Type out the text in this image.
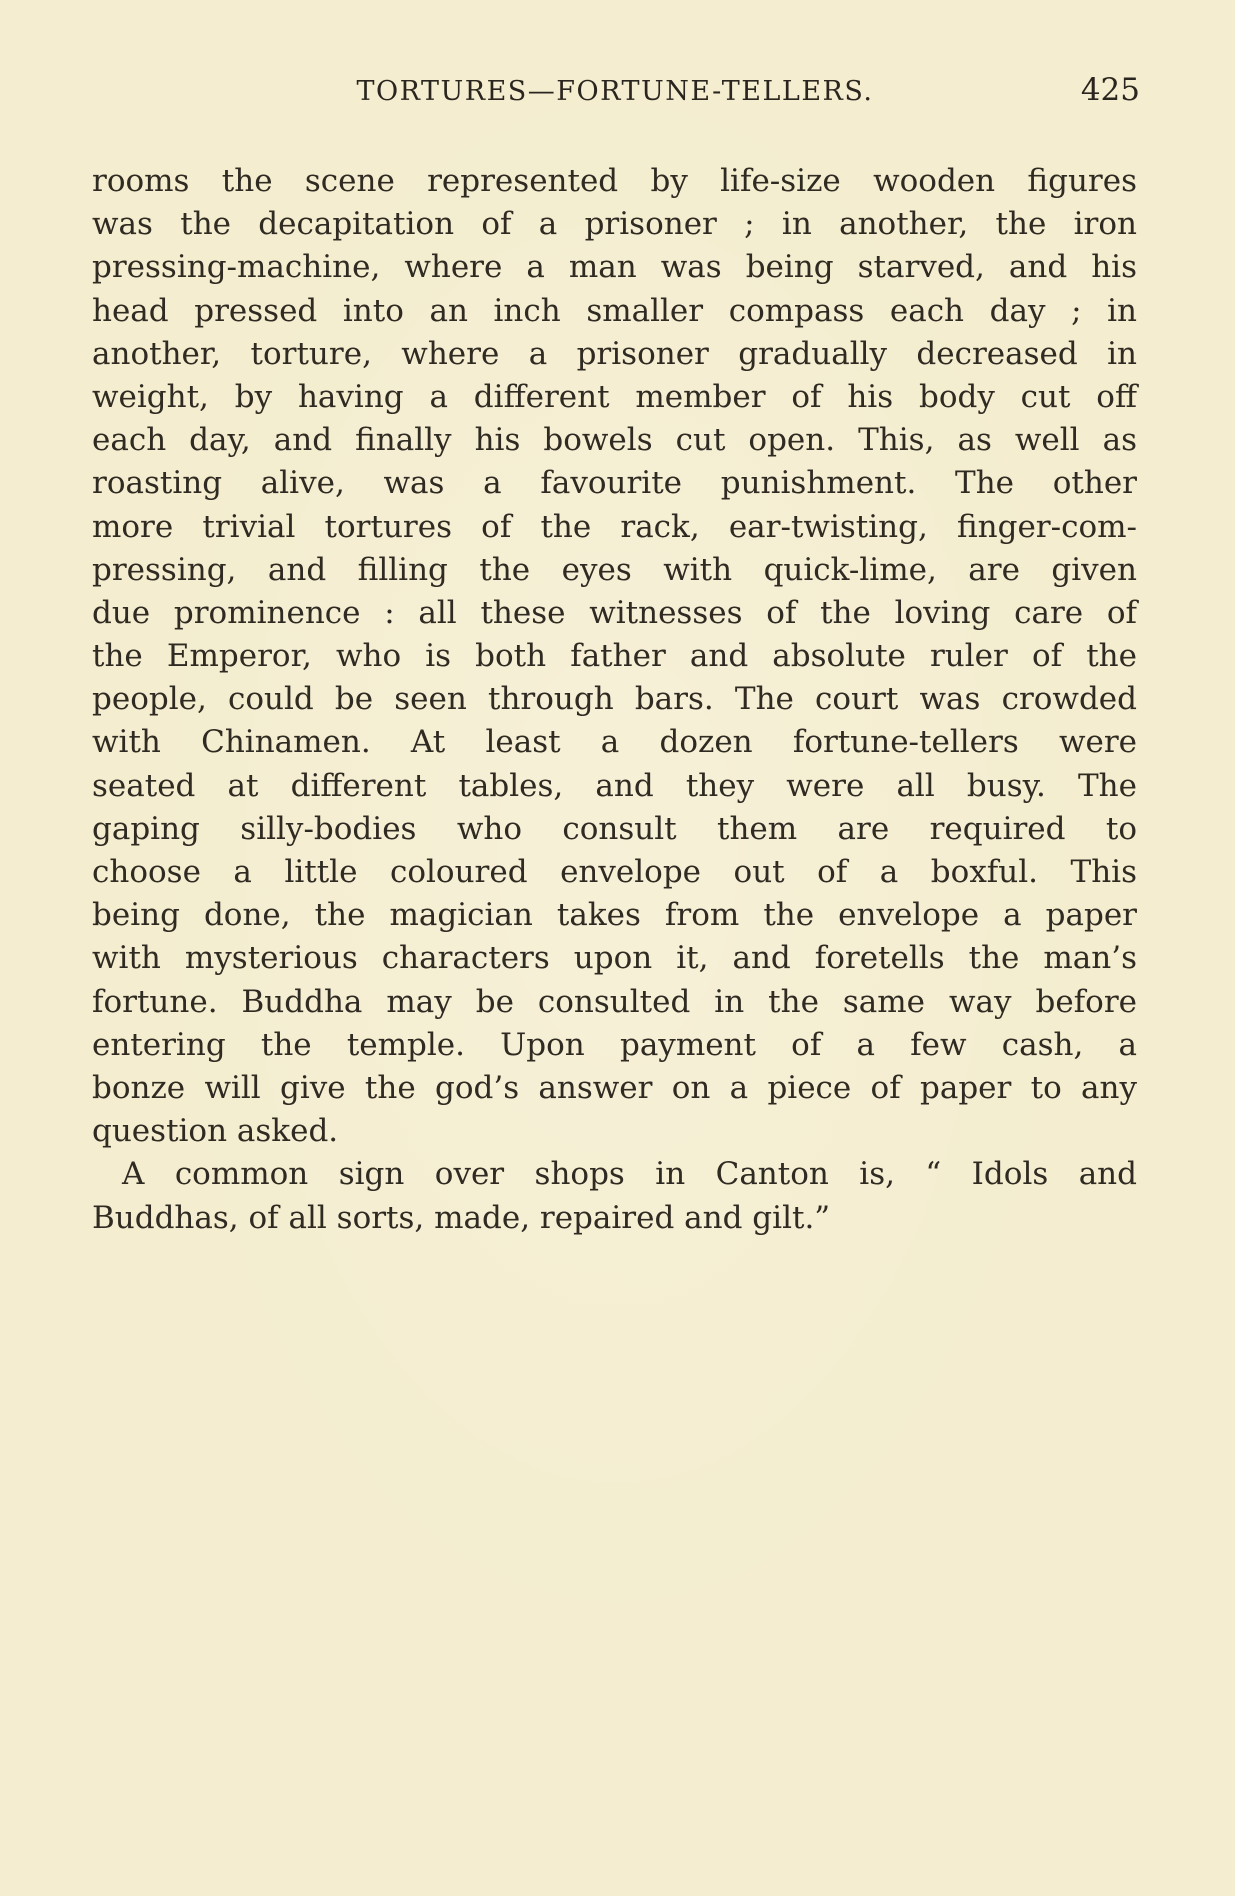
TORTURES—FORTUNE-TELLERS.	425
rooms the scene represented by life-size wooden figures
was the decapitation of a prisoner ; in another, the iron
pressing-machine, where a man was being starved, and his
head pressed into an inch smaller compass each day ; in
another, torture, where a prisoner gradually decreased in
weight, by having a different member of his body cut off
each day, and finally his bowels cut open. This, as well as
roasting alive, was a favourite punishment. The other
more trivial tortures of the rack, ear-twisting, finger-com-
pressing, and filling the eyes with quick-lime, are given
due prominence : all these witnesses of the loving care of
the Emperor, who is both father and absolute ruler of the
people, could be seen through bars. The court was crowded
with Chinamen. At least a dozen fortune-tellers were
seated at different tables, and they were all busy. The
gaping silly-bodies who consult them are required to
choose a little coloured envelope out of a boxful. This
being done, the magician takes from the envelope a paper
with mysterious characters upon it, and foretells the man’s
fortune. Buddha may be consulted in the same way before
entering the temple. Upon payment of a few cash, a
bonze will give the god’s answer on a piece of paper to any
question asked.
A common sign over shops in Canton is, “ Idols and
Buddhas, of all sorts, made, repaired and gilt.”
